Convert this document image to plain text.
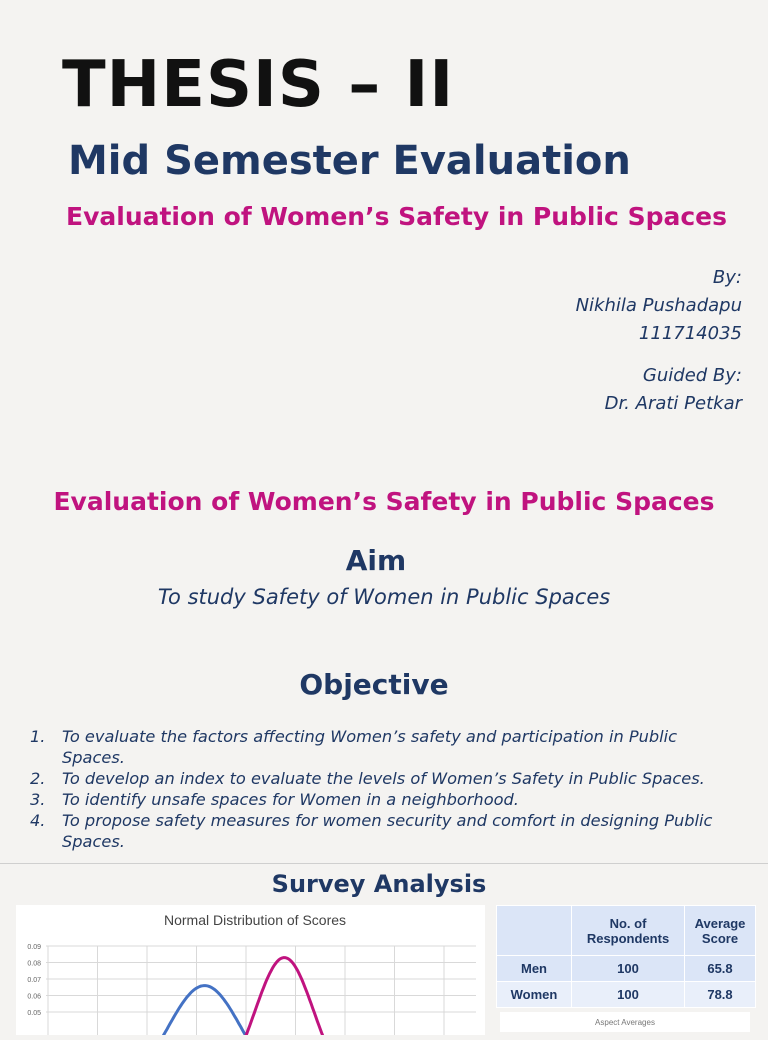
THESIS – II
Mid Semester Evaluation
Evaluation of Women’s Safety in Public Spaces
By:
Nikhila Pushadapu
111714035
Guided By:
Dr. Arati Petkar
Evaluation of Women’s Safety in Public Spaces
Aim
To study Safety of Women in Public Spaces
Objective
1. To evaluate the factors affecting Women’s safety and participation in Public Spaces.
2. To develop an index to evaluate the levels of Women’s Safety in Public Spaces.
3. To identify unsafe spaces for Women in a neighborhood.
4. To propose safety measures for women security and comfort in designing Public Spaces.
Survey Analysis
Normal Distribution of Scores
0.09
0.08
0.07
0.06
0.05
	No. of Respondents	Average Score
Men	100	65.8
Women	100	78.8
Aspect Averages
